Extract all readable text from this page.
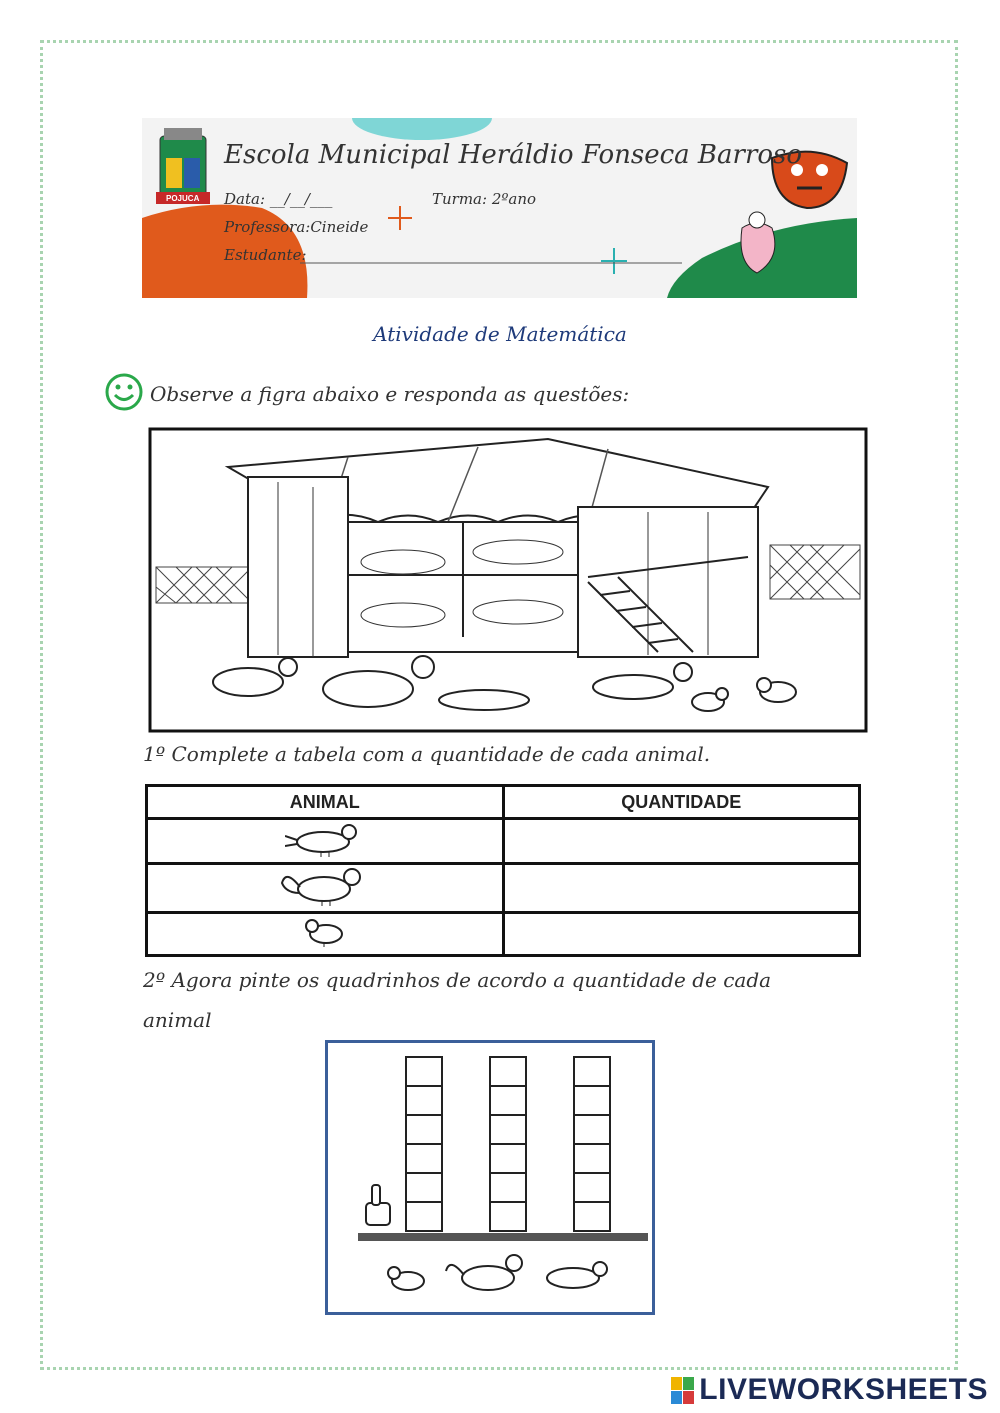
Escola Municipal Heráldio Fonseca Barroso
Data: __/__/___	Turma: 2ºano
Professora:Cineide
Estudante:
POJUCA
Atividade de Matemática
Observe a figra abaixo e responda as questões:
1º Complete a tabela com a quantidade de cada animal.
ANIMAL	QUANTIDADE

2º Agora pinte os quadrinhos de acordo a quantidade de cada animal
LIVEWORKSHEETS
